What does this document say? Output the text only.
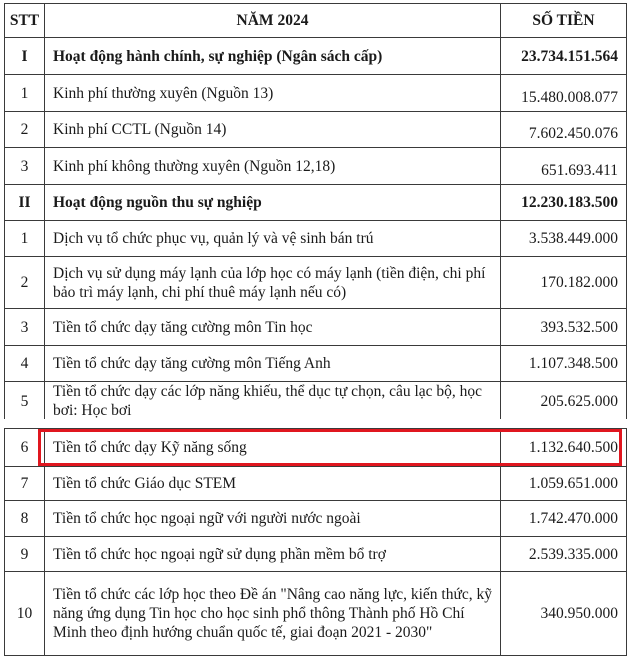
STT	NĂM 2024	SỐ TIỀN
I	Hoạt động hành chính, sự nghiệp (Ngân sách cấp)	23.734.151.564
1	Kinh phí thường xuyên (Nguồn 13)	15.480.008.077
2	Kinh phí CCTL (Nguồn 14)	7.602.450.076
3	Kinh phí không thường xuyên (Nguồn 12,18)	651.693.411
II	Hoạt động nguồn thu sự nghiệp	12.230.183.500
1	Dịch vụ tổ chức phục vụ, quản lý và vệ sinh bán trú	3.538.449.000
2	Dịch vụ sử dụng máy lạnh của lớp học có máy lạnh (tiền điện, chi phí bảo trì máy lạnh, chi phí thuê máy lạnh nếu có)	170.182.000
3	Tiền tổ chức dạy tăng cường môn Tin học	393.532.500
4	Tiền tổ chức dạy tăng cường môn Tiếng Anh	1.107.348.500
5	Tiền tổ chức dạy các lớp năng khiếu, thể dục tự chọn, câu lạc bộ, học bơi: Học bơi	205.625.000
6	Tiền tổ chức dạy Kỹ năng sống	1.132.640.500
7	Tiền tổ chức Giáo dục STEM	1.059.651.000
8	Tiền tổ chức học ngoại ngữ với người nước ngoài	1.742.470.000
9	Tiền tổ chức học ngoại ngữ sử dụng phần mềm bổ trợ	2.539.335.000
10	Tiền tổ chức các lớp học theo Đề án "Nâng cao năng lực, kiến thức, kỹ năng ứng dụng Tin học cho học sinh phổ thông Thành phố Hồ Chí Minh theo định hướng chuẩn quốc tế, giai đoạn 2021 - 2030"	340.950.000
